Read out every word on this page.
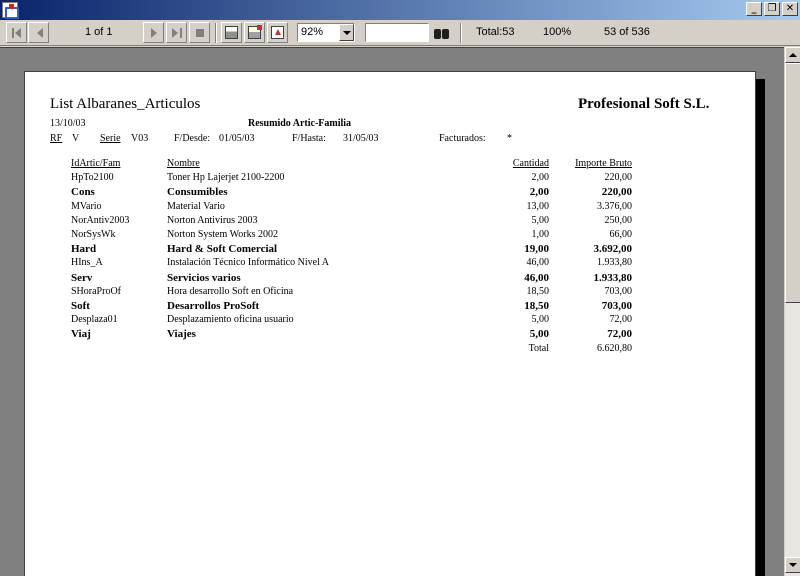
_	❐ ✕
1 of 1	92%	Total:53	100%	53 of 536
List Albaranes_Articulos	Profesional Soft S.L.
13/10/03	Resumido Artic-Familia
RF V Serie V03	F/Desde: 01/05/03	F/Hasta: 31/05/03	Facturados: *
IdArtic/Fam	Nombre	Cantidad	Importe Bruto
HpTo2100	Toner Hp Lajerjet 2100-2200	2,00	220,00
Cons	Consumibles	2,00	220,00
MVario	Material Vario	13,00	3.376,00
NorAntiv2003	Norton Antivirus 2003	5,00	250,00
NorSysWk	Norton System Works 2002	1,00	66,00
Hard	Hard & Soft Comercial	19,00	3.692,00
HIns_A	Instalación Técnico Informático Nivel A	46,00	1.933,80
Serv	Servicios varios	46,00	1.933,80
SHoraProOf	Hora desarrollo Soft en Oficina	18,50	703,00
Soft	Desarrollos ProSoft	18,50	703,00
Desplaza01	Desplazamiento oficina usuario	5,00	72,00
Viaj	Viajes	5,00	72,00
		Total	6.620,80
